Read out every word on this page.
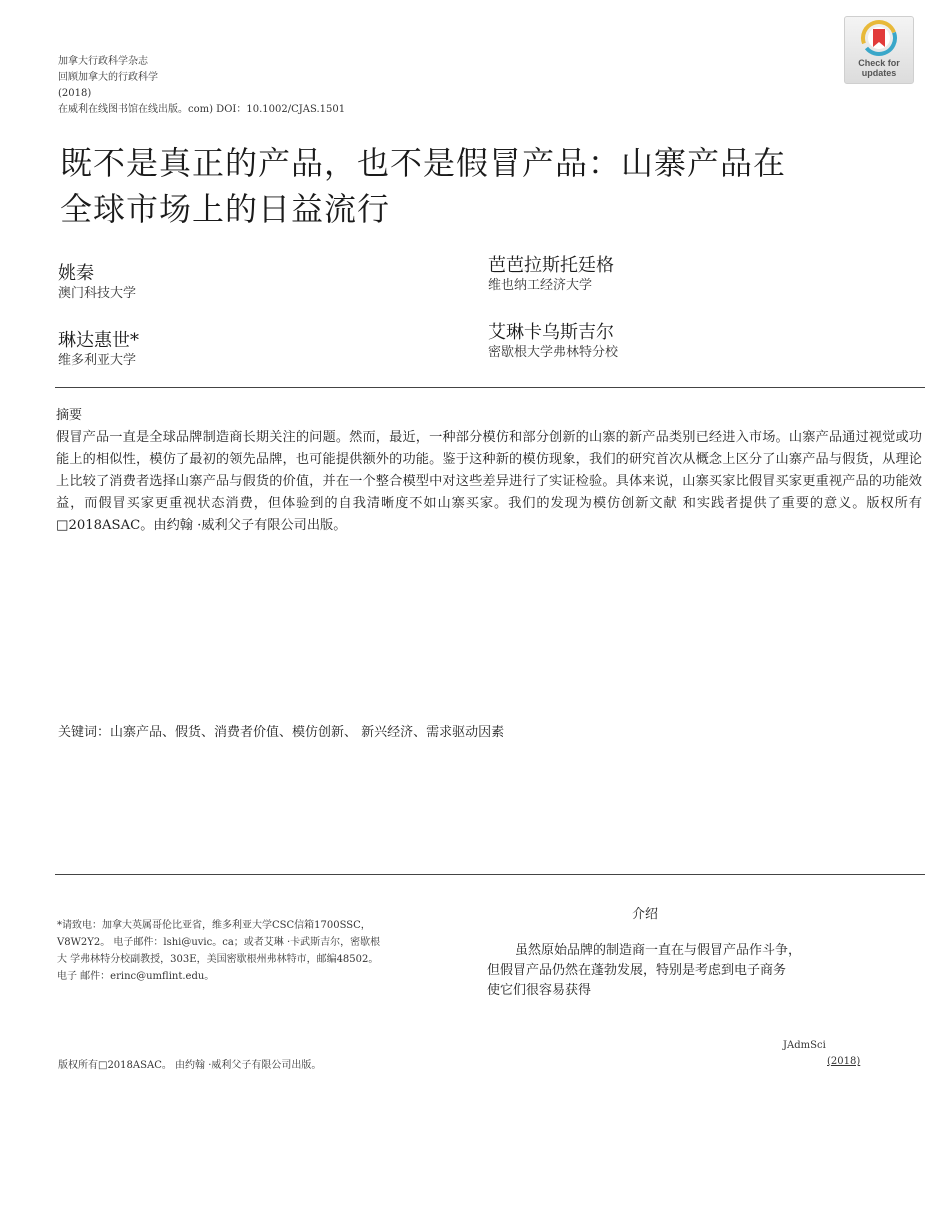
加拿大行政科学杂志
回顾加拿大的行政科学
(2018)
在威利在线图书馆在线出版。com) DOI：10.1002/CJAS.1501
Check for updates
既不是真正的产品，也不是假冒产品：山寨产品在
全球市场上的日益流行
姚秦
澳门科技大学
芭芭拉斯托廷格
维也纳工经济大学
琳达惠世*
维多利亚大学
艾琳卡乌斯吉尔
密歇根大学弗林特分校
摘要
假冒产品一直是全球品牌制造商长期关注的问题。然而，最近，一种部分模仿和部分创新的山寨的新产品类别已经进入市场。山寨产品通过视觉或功能上的相似性，模仿了最初的领先品牌，也可能提供额外的功能。鉴于这种新的模仿现象，我们的研究首次从概念上区分了山寨产品与假货，从理论上比较了消费者选择山寨产品与假货的价值，并在一个整合模型中对这些差异进行了实证检验。具体来说，山寨买家比假冒买家更重视产品的功能效益，而假冒买家更重视状态消费，但体验到的自我清晰度不如山寨买家。我们的发现为模仿创新文献 和实践者提供了重要的意义。版权所有□2018ASAC。由约翰 ·威利父子有限公司出版。
关键词：山寨产品、假货、消费者价值、模仿创新、 新兴经济、需求驱动因素
*请致电：加拿大英属哥伦比亚省，维多利亚大学CSC信箱1700SSC，
V8W2Y2。 电子邮件：lshi@uvic。ca；或者艾琳 ·卡武斯吉尔，密歇根
大 学弗林特分校副教授，303E，美国密歇根州弗林特市，邮编48502。
电子 邮件：erinc@umflint.edu。
介绍
虽然原始品牌的制造商一直在与假冒产品作斗争，
但假冒产品仍然在蓬勃发展，特别是考虑到电子商务
使它们很容易获得
版权所有□2018ASAC。 由约翰 ·威利父子有限公司出版。
JAdmSci
(2018)
